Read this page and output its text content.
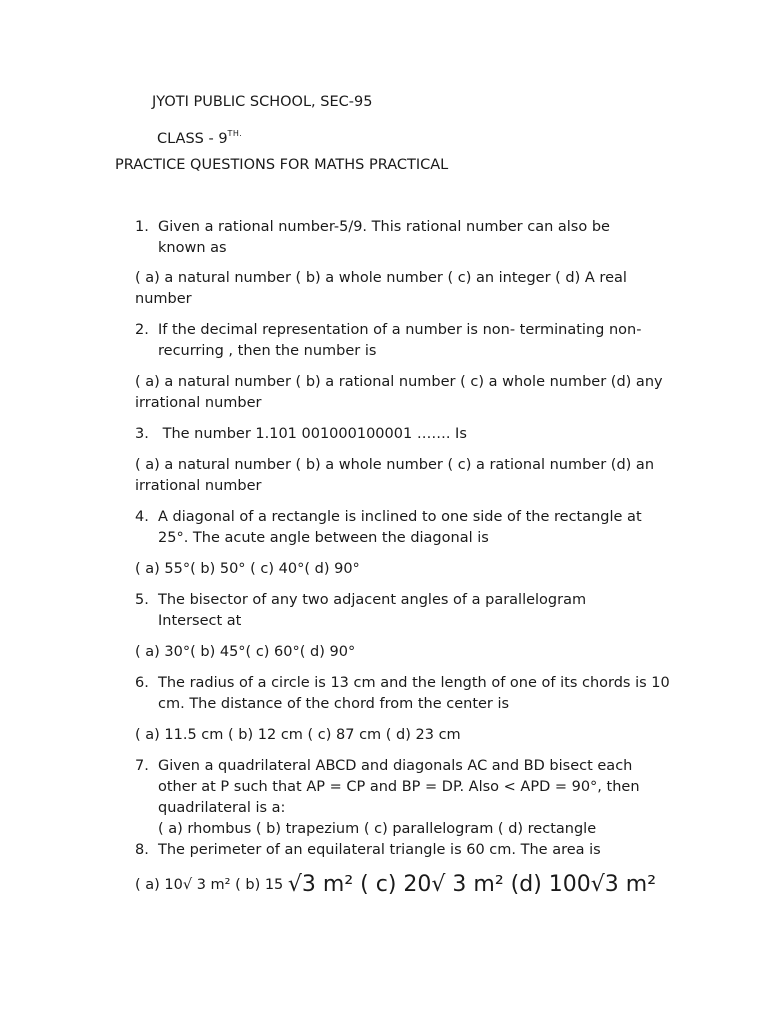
JYOTI PUBLIC SCHOOL, SEC-95
CLASS - $9^{TH.}$
PRACTICE QUESTIONS FOR MATHS PRACTICAL
1. Given a rational number-5/9. This rational number can also be known as
( a) a natural number ( b) a whole number ( c) an integer ( d) A real number
2. If the decimal representation of a number is non- terminating non-recurring , then the number is
( a) a natural number ( b) a rational number ( c) a whole number (d) any irrational number
3. The number 1.101 001000100001 ……. Is
( a) a natural number ( b) a whole number ( c) a rational number (d) an irrational number
4. A diagonal of a rectangle is inclined to one side of the rectangle at 25°. The acute angle between the diagonal is
( a) 55°( b) 50° ( c) 40°( d) 90°
5. The bisector of any two adjacent angles of a parallelogram Intersect at
( a) 30°( b) 45°( c) 60°( d) 90°
6. The radius of a circle is 13 cm and the length of one of its chords is 10 cm. The distance of the chord from the center is
( a) 11.5 cm ( b) 12 cm ( c) 87 cm ( d) 23 cm
7. Given a quadrilateral ABCD and diagonals AC and BD bisect each other at P such that AP = CP and BP = DP. Also < APD = 90°, then quadrilateral is a:
( a) rhombus ( b) trapezium ( c) parallelogram ( d) rectangle
8. The perimeter of an equilateral triangle is 60 cm. The area is
( a) 10√ 3 m² ( b) 15 √3 m² ( c) 20√ 3 m² (d) 100√3 m²
